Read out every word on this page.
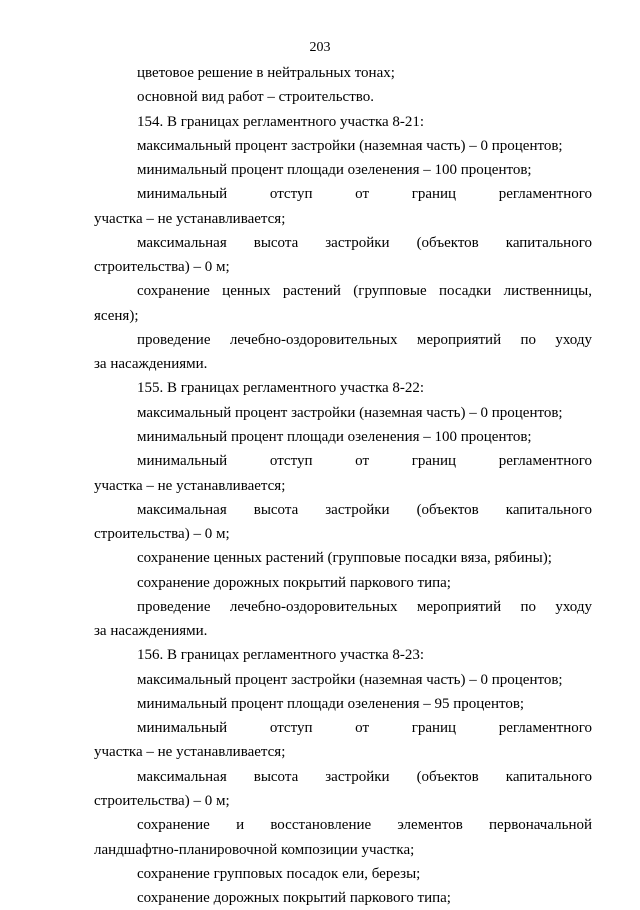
203
цветовое решение в нейтральных тонах;
основной вид работ – строительство.
154. В границах регламентного участка 8-21:
максимальный процент застройки (наземная часть) – 0 процентов;
минимальный процент площади озеленения – 100 процентов;
минимальный отступ от границ регламентного
участка – не устанавливается;
максимальная высота застройки (объектов капитального
строительства) – 0 м;
сохранение ценных растений (групповые посадки лиственницы,
ясеня);
проведение лечебно-оздоровительных мероприятий по уходу
за насаждениями.
155. В границах регламентного участка 8-22:
максимальный процент застройки (наземная часть) – 0 процентов;
минимальный процент площади озеленения – 100 процентов;
минимальный отступ от границ регламентного
участка – не устанавливается;
максимальная высота застройки (объектов капитального
строительства) – 0 м;
сохранение ценных растений (групповые посадки вяза, рябины);
сохранение дорожных покрытий паркового типа;
проведение лечебно-оздоровительных мероприятий по уходу
за насаждениями.
156. В границах регламентного участка 8-23:
максимальный процент застройки (наземная часть) – 0 процентов;
минимальный процент площади озеленения – 95 процентов;
минимальный отступ от границ регламентного
участка – не устанавливается;
максимальная высота застройки (объектов капитального
строительства) – 0 м;
сохранение и восстановление элементов первоначальной
ландшафтно-планировочной композиции участка;
сохранение групповых посадок ели, березы;
сохранение дорожных покрытий паркового типа;
